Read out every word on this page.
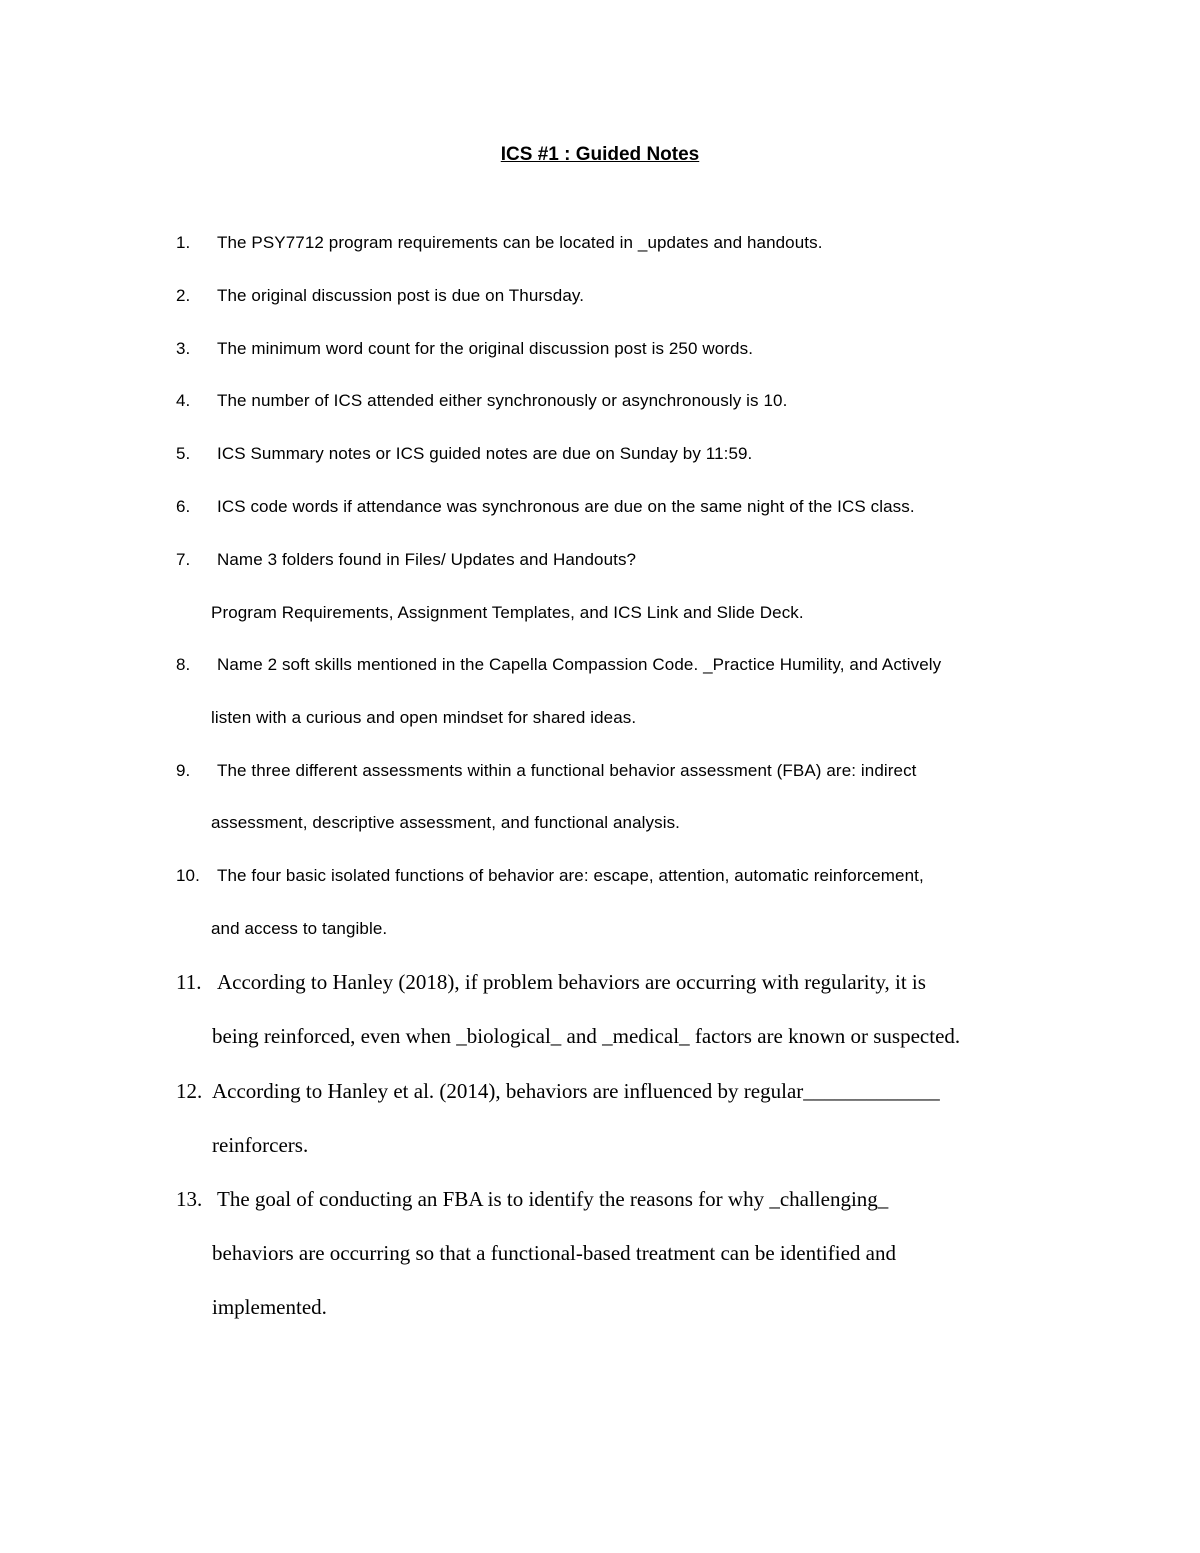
ICS #1 : Guided Notes
1. The PSY7712 program requirements can be located in _updates and handouts.
2. The original discussion post is due on Thursday.
3. The minimum word count for the original discussion post is 250 words.
4. The number of ICS attended either synchronously or asynchronously is 10.
5. ICS Summary notes or ICS guided notes are due on Sunday by 11:59.
6. ICS code words if attendance was synchronous are due on the same night of the ICS class.
7. Name 3 folders found in Files/ Updates and Handouts?
Program Requirements, Assignment Templates, and ICS Link and Slide Deck.
8. Name 2 soft skills mentioned in the Capella Compassion Code. _Practice Humility, and Actively
listen with a curious and open mindset for shared ideas.
9. The three different assessments within a functional behavior assessment (FBA) are: indirect
assessment, descriptive assessment, and functional analysis.
10. The four basic isolated functions of behavior are: escape, attention, automatic reinforcement,
and access to tangible.
11. According to Hanley (2018), if problem behaviors are occurring with regularity, it is
being reinforced, even when _biological_ and _medical_ factors are known or suspected.
12. According to Hanley et al. (2014), behaviors are influenced by regular_____________
reinforcers.
13. The goal of conducting an FBA is to identify the reasons for why _challenging_
behaviors are occurring so that a functional-based treatment can be identified and
implemented.
